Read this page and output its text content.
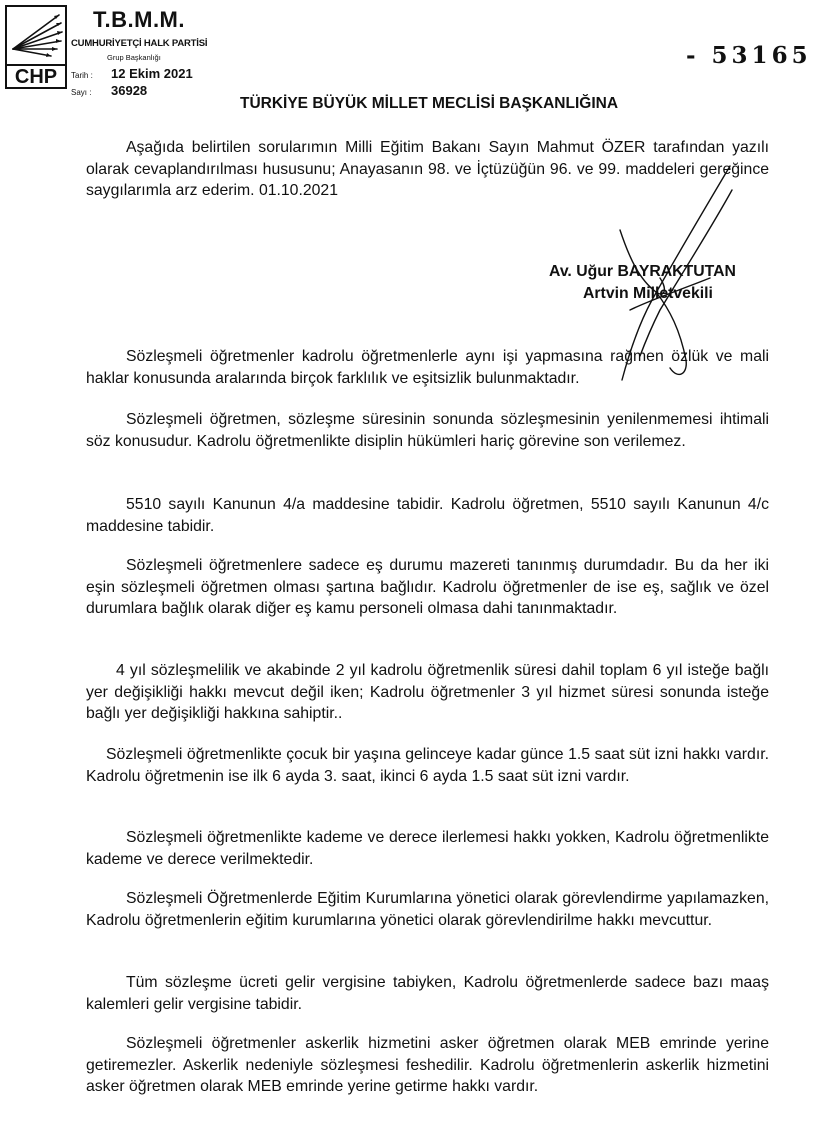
CHP
T.B.M.M.
CUMHURİYETÇİ HALK PARTİSİ
Grup Başkanlığı
Tarih : 12 Ekim 2021
Sayı : 36928
- 53165
TÜRKİYE BÜYÜK MİLLET MECLİSİ BAŞKANLIĞINA

Aşağıda belirtilen sorularımın Milli Eğitim Bakanı Sayın Mahmut ÖZER tarafından yazılı olarak cevaplandırılması hususunu; Anayasanın 98. ve İçtüzüğün 96. ve 99. maddeleri gereğince saygılarımla arz ederim. 01.10.2021

Av. Uğur BAYRAKTUTAN
Artvin Milletvekili

Sözleşmeli öğretmenler kadrolu öğretmenlerle aynı işi yapmasına rağmen özlük ve mali haklar konusunda aralarında birçok farklılık ve eşitsizlik bulunmaktadır.

Sözleşmeli öğretmen, sözleşme süresinin sonunda sözleşmesinin yenilenmemesi ihtimali söz konusudur. Kadrolu öğretmenlikte disiplin hükümleri hariç görevine son verilemez.

5510 sayılı Kanunun 4/a maddesine tabidir. Kadrolu öğretmen, 5510 sayılı Kanunun 4/c maddesine tabidir.

Sözleşmeli öğretmenlere sadece eş durumu mazereti tanınmış durumdadır. Bu da her iki eşin sözleşmeli öğretmen olması şartına bağlıdır. Kadrolu öğretmenler de ise eş, sağlık ve özel durumlara bağlık olarak diğer eş kamu personeli olmasa dahi tanınmaktadır.

4 yıl sözleşmelilik ve akabinde 2 yıl kadrolu öğretmenlik süresi dahil toplam 6 yıl isteğe bağlı yer değişikliği hakkı mevcut değil iken; Kadrolu öğretmenler 3 yıl hizmet süresi sonunda isteğe bağlı yer değişikliği hakkına sahiptir..

Sözleşmeli öğretmenlikte çocuk bir yaşına gelinceye kadar günce 1.5 saat süt izni hakkı vardır. Kadrolu öğretmenin ise ilk 6 ayda 3. saat, ikinci 6 ayda 1.5 saat süt izni vardır.

Sözleşmeli öğretmenlikte kademe ve derece ilerlemesi hakkı yokken, Kadrolu öğretmenlikte kademe ve derece verilmektedir.

Sözleşmeli Öğretmenlerde Eğitim Kurumlarına yönetici olarak görevlendirme yapılamazken, Kadrolu öğretmenlerin eğitim kurumlarına yönetici olarak görevlendirilme hakkı mevcuttur.

Tüm sözleşme ücreti gelir vergisine tabiyken, Kadrolu öğretmenlerde sadece bazı maaş kalemleri gelir vergisine tabidir.

Sözleşmeli öğretmenler askerlik hizmetini asker öğretmen olarak MEB emrinde yerine getiremezler. Askerlik nedeniyle sözleşmesi feshedilir. Kadrolu öğretmenlerin askerlik hizmetini asker öğretmen olarak MEB emrinde yerine getirme hakkı vardır.
